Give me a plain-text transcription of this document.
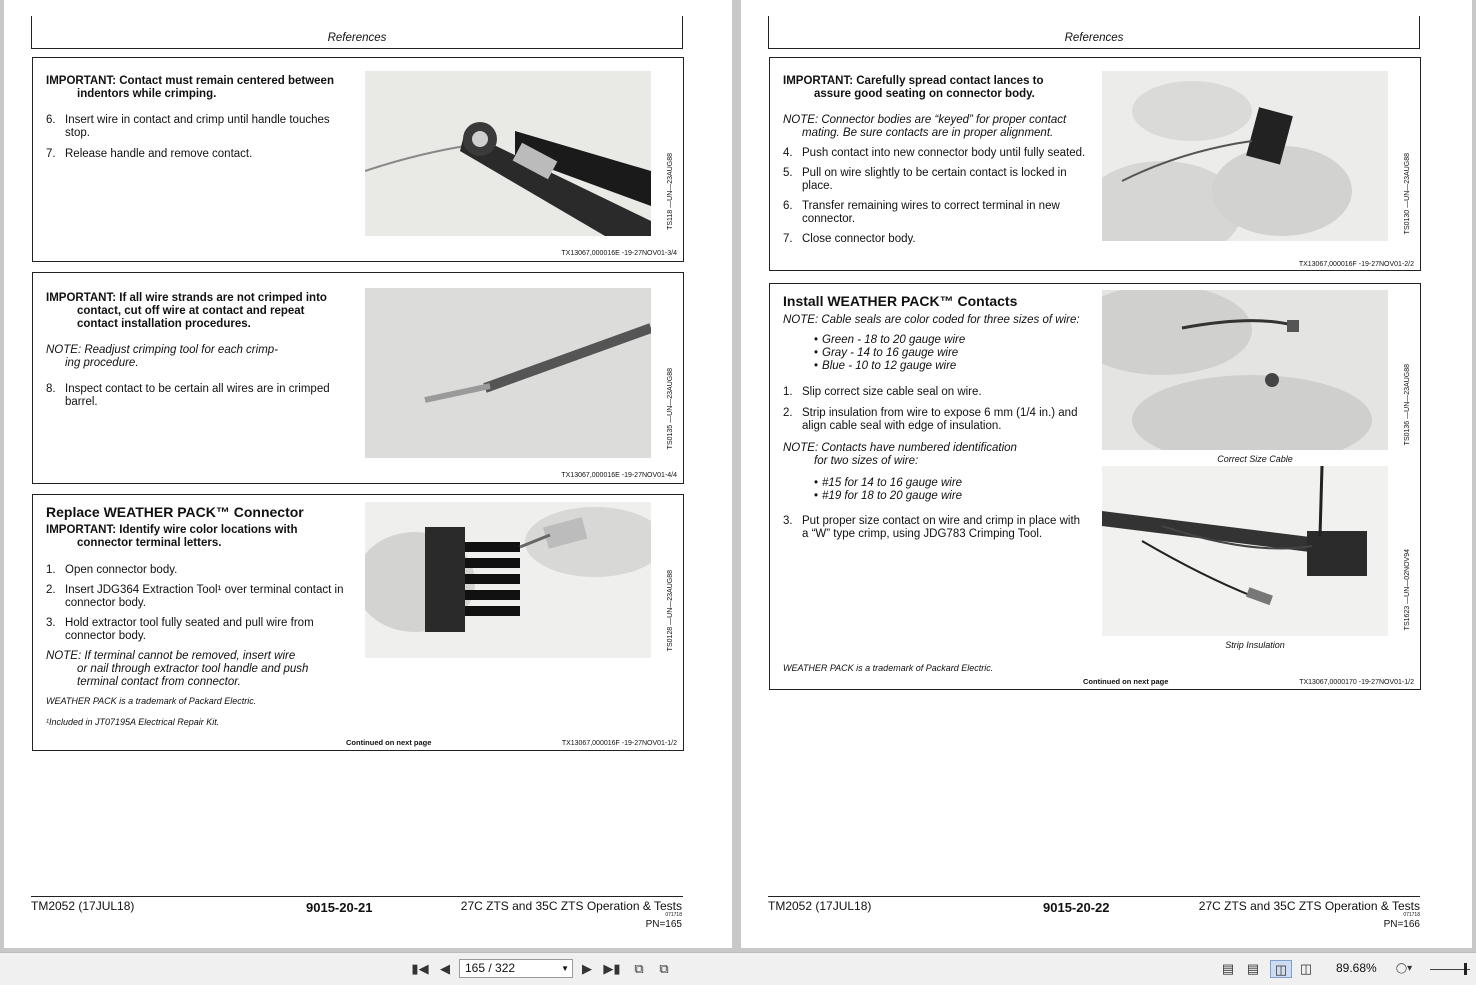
References
IMPORTANT: Contact must remain centered between
indentors while crimping.
6. Insert wire in contact and crimp until handle touches stop.
7. Release handle and remove contact.	TS118 —UN—23AUG88
TX13067,000016E -19-27NOV01-3/4
IMPORTANT: If all wire strands are not crimped into
contact, cut off wire at contact and repeat
contact installation procedures.
NOTE: Readjust crimping tool for each crimp-
ing procedure.
8. Inspect contact to be certain all wires are in crimped barrel.	TS0135 —UN—23AUG88
TX13067,000016E -19-27NOV01-4/4
Replace WEATHER PACK™ Connector
IMPORTANT: Identify wire color locations with
connector terminal letters.
1. Open connector body.
2. Insert JDG364 Extraction Tool¹ over terminal contact in connector body.
3. Hold extractor tool fully seated and pull wire from connector body.
NOTE: If terminal cannot be removed, insert wire
or nail through extractor tool handle and push
terminal contact from connector.
WEATHER PACK is a trademark of Packard Electric.
¹Included in JT07195A Electrical Repair Kit.
TS0128 —UN—23AUG88
Continued on next page	TX13067,000016F -19-27NOV01-1/2
TM2052 (17JUL18)	9015-20-21	27C ZTS and 35C ZTS Operation & Tests
071718
PN=165
References
IMPORTANT: Carefully spread contact lances to
assure good seating on connector body.
NOTE: Connector bodies are “keyed” for proper contact
mating. Be sure contacts are in proper alignment.
4. Push contact into new connector body until fully seated.
5. Pull on wire slightly to be certain contact is locked in place.
6. Transfer remaining wires to correct terminal in new connector.
7. Close connector body.
TS0130 —UN—23AUG88
TX13067,000016F -19-27NOV01-2/2
Install WEATHER PACK™ Contacts
NOTE: Cable seals are color coded for three sizes of wire:
• Green - 18 to 20 gauge wire
• Gray - 14 to 16 gauge wire
• Blue - 10 to 12 gauge wire
1. Slip correct size cable seal on wire.
2. Strip insulation from wire to expose 6 mm (1/4 in.) and align cable seal with edge of insulation.
NOTE: Contacts have numbered identification
for two sizes of wire:
• #15 for 14 to 16 gauge wire
• #19 for 18 to 20 gauge wire
3. Put proper size contact on wire and crimp in place with a “W” type crimp, using JDG783 Crimping Tool.
Correct Size Cable
TS0136 —UN—23AUG88
Strip Insulation
TS1623 —UN—02NOV94
WEATHER PACK is a trademark of Packard Electric.
Continued on next page	TX13067,0000170 -19-27NOV01-1/2
TM2052 (17JUL18)	9015-20-22	27C ZTS and 35C ZTS Operation & Tests
071718
PN=166
▮◀ ◀	165 / 322	▼	▶ ▶▮	⧉	⧉	▤ ▤	◫ ◫ 89.68% ◯▾
